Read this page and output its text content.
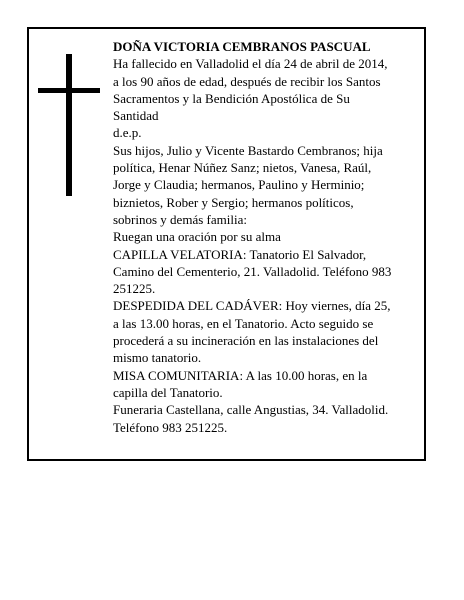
DOÑA VICTORIA CEMBRANOS PASCUAL

Ha fallecido en Valladolid el día 24 de abril de 2014, a los 90 años de edad, después de recibir los Santos Sacramentos y la Bendición Apostólica de Su Santidad

d.e.p.

Sus hijos, Julio y Vicente Bastardo Cembranos; hija política, Henar Núñez Sanz; nietos, Vanesa, Raúl, Jorge y Claudia; hermanos, Paulino y Herminio; biznietos, Rober y Sergio; hermanos políticos, sobrinos y demás familia:

Ruegan una oración por su alma

CAPILLA VELATORIA: Tanatorio El Salvador, Camino del Cementerio, 21. Valladolid. Teléfono 983 251225.

DESPEDIDA DEL CADÁVER: Hoy viernes, día 25, a las 13.00 horas, en el Tanatorio. Acto seguido se procederá a su incineración en las instalaciones del mismo tanatorio.

MISA COMUNITARIA: A las 10.00 horas, en la capilla del Tanatorio.

Funeraria Castellana, calle Angustias, 34. Valladolid. Teléfono 983 251225.
